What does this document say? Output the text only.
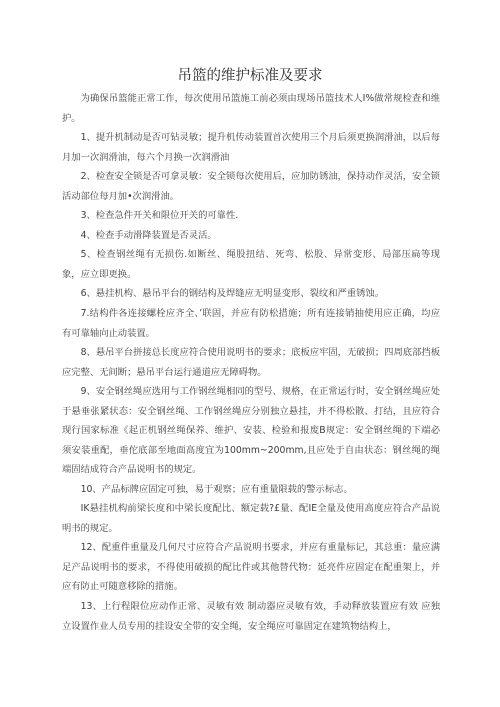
吊篮的维护标准及要求

为确保吊篮能正常工作，每次使用吊篮施工前必须由现场吊篮技术人I%做常规检查和维护。

1、提升机制动是否可钻灵敏；提升机传动装置首次使用三个月后须更换润滑油，以后每月加一次润滑油，每六个月换一次润滑油

2、检查安全锁是否可拿灵敏：安全锁每次使用后，应加防锈油，保持动作灵活，安全锁活动部位每月加•次润滑油。

3、检查急件开关和限位开关的可靠性.

4、检查手动滑降装置是否灵活。

5、检查钢丝绳有无损伤.如断丝、绳股扭结、死弯、松股、异常变形、局部压扁等现象，应立即更换。

6、悬挂机构、悬吊平台的钢结构及焊缝应无明显变形、裂纹和严重锈蚀。

7.结构件各连接螺栓应齐全、’联固，并应有防松措施；所有连接销抽使用应正确，均应有可靠轴向止动装置。

8、悬吊平台拼接总长度应符合使用说明书的要求；底板应牢固，无破损；四周底部挡板应完整、无间断；悬吊平台运行通道应无障碍物。

9、安全钢丝绳应选用与工作钢丝绳相同的型号、规格，在正常运行时，安全钢丝绳应处于悬垂张紧状态：安全钢丝绳、工作钢丝绳应分别独立悬挂，并不得松散、打结，且应符合现行国家标准《起正机钢丝绳保养、维护、安装、检验和报废B规定：安全钢丝绳的下端必须安装重配，垂佗底部至地面高度宜为100mm~200mm,且应处于自由状态：钢丝绳的绳端固结成符合产品说明书的规定。

10、产品标牌应固定可独，易于观察；应有重量限载的警示标志。

IK悬挂机构前梁长度和中梁长度配比、额定载?£量、配IE全量及使用高度应符合产品说明书的规定。

12、配重件重量及几何尺寸应符合产品说明书要求，并应有重量标记，其总重：量应满足产品说明书的要求，不得使用破损的配比件或其他替代物：延亮件应固定在配重架上，并应有防止可随意移除的措施。

13、上行程限位应动作正常、灵敏有效 制动器应灵敏有效，手动释放装置应有效 应独立设置作业人员专用的挂设安全带的安全绳，安全绳应可靠固定在建筑物结构上，
